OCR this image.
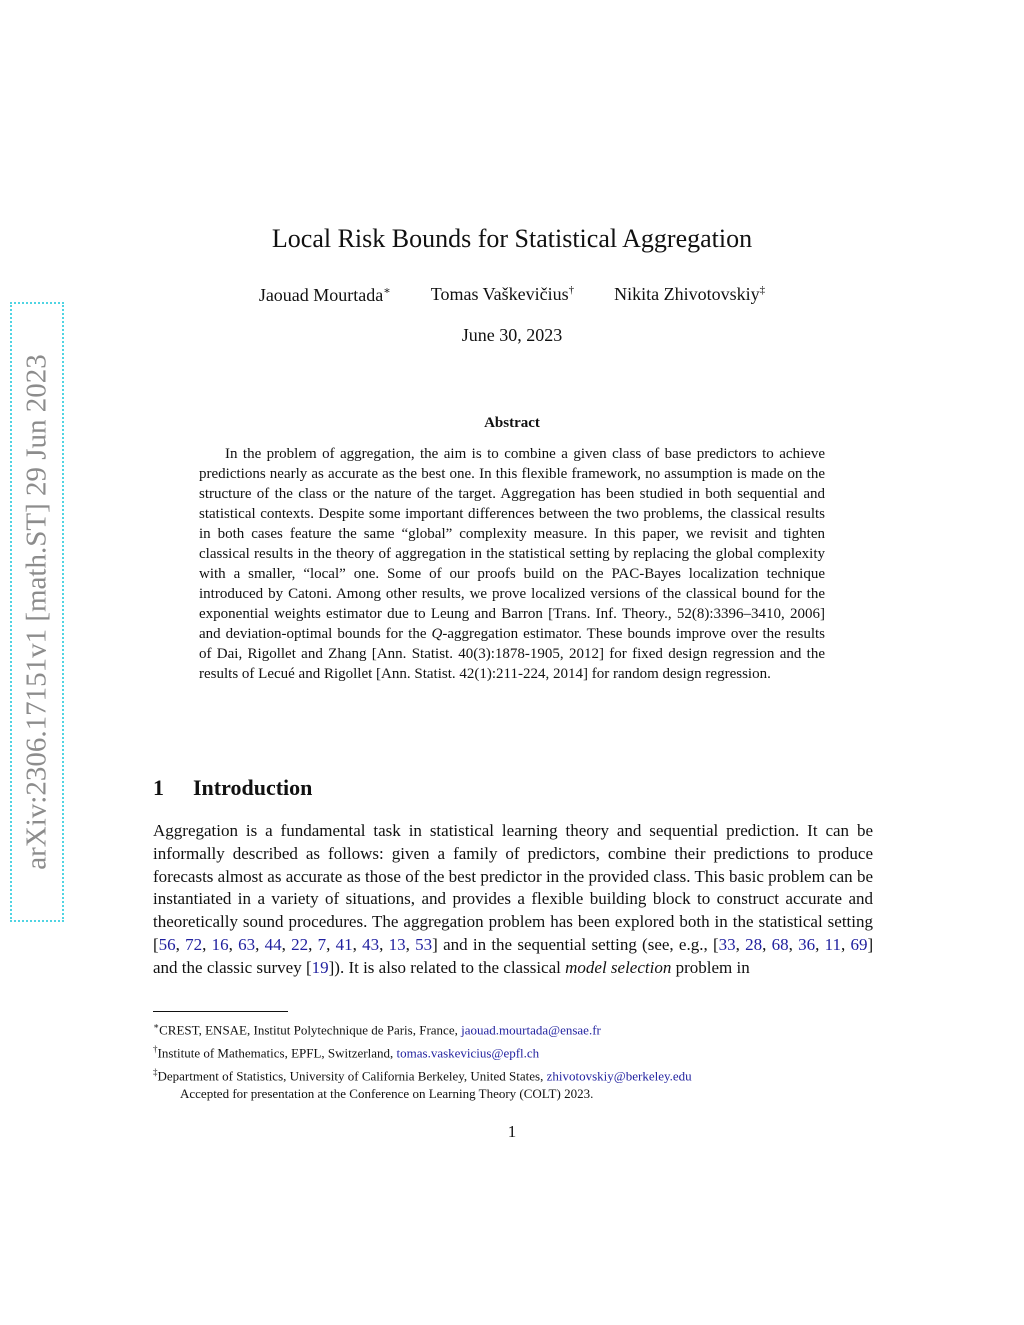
arXiv:2306.17151v1 [math.ST] 29 Jun 2023
Local Risk Bounds for Statistical Aggregation
Jaouad Mourtada∗ Tomas Vaškevičius† Nikita Zhivotovskiy‡
June 30, 2023
Abstract
In the problem of aggregation, the aim is to combine a given class of base predictors to achieve predictions nearly as accurate as the best one. In this flexible framework, no assumption is made on the structure of the class or the nature of the target. Aggregation has been studied in both sequential and statistical contexts. Despite some important differences between the two problems, the classical results in both cases feature the same “global” complexity measure. In this paper, we revisit and tighten classical results in the theory of aggregation in the statistical setting by replacing the global complexity with a smaller, “local” one. Some of our proofs build on the PAC-Bayes localization technique introduced by Catoni. Among other results, we prove localized versions of the classical bound for the exponential weights estimator due to Leung and Barron [Trans. Inf. Theory., 52(8):3396–3410, 2006] and deviation-optimal bounds for the Q-aggregation estimator. These bounds improve over the results of Dai, Rigollet and Zhang [Ann. Statist. 40(3):1878-1905, 2012] for fixed design regression and the results of Lecué and Rigollet [Ann. Statist. 42(1):211-224, 2014] for random design regression.
1 Introduction
Aggregation is a fundamental task in statistical learning theory and sequential prediction. It can be informally described as follows: given a family of predictors, combine their predictions to produce forecasts almost as accurate as those of the best predictor in the provided class. This basic problem can be instantiated in a variety of situations, and provides a flexible building block to construct accurate and theoretically sound procedures. The aggregation problem has been explored both in the statistical setting [56, 72, 16, 63, 44, 22, 7, 41, 43, 13, 53] and in the sequential setting (see, e.g., [33, 28, 68, 36, 11, 69] and the classic survey [19]). It is also related to the classical model selection problem in
∗CREST, ENSAE, Institut Polytechnique de Paris, France, jaouad.mourtada@ensae.fr
†Institute of Mathematics, EPFL, Switzerland, tomas.vaskevicius@epfl.ch
‡Department of Statistics, University of California Berkeley, United States, zhivotovskiy@berkeley.edu
Accepted for presentation at the Conference on Learning Theory (COLT) 2023.
1
